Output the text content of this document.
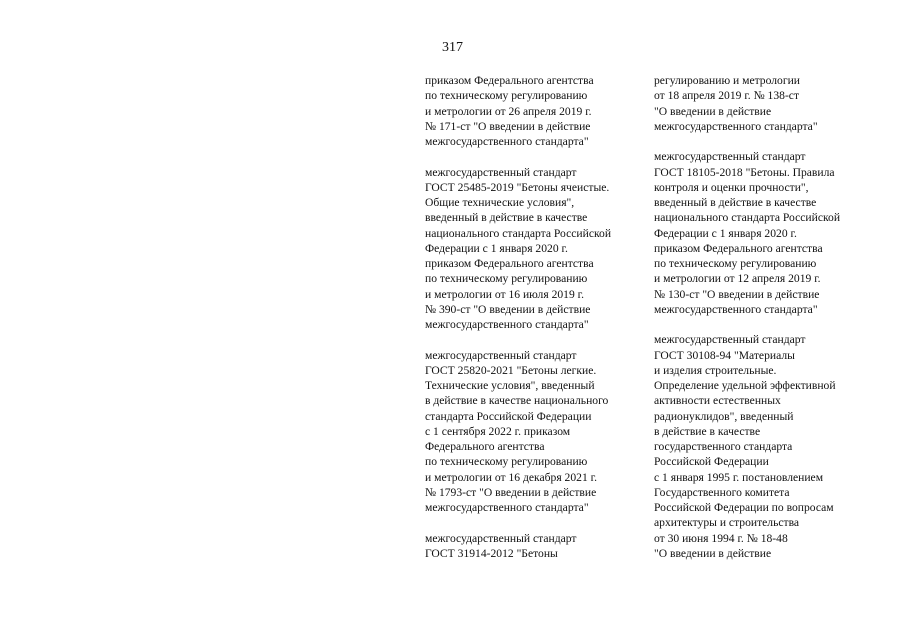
317
приказом Федерального агентства
по техническому регулированию
и метрологии от 26 апреля 2019 г.
№ 171-ст "О введении в действие
межгосударственного стандарта"
межгосударственный стандарт
ГОСТ 25485-2019 "Бетоны ячеистые.
Общие технические условия",
введенный в действие в качестве
национального стандарта Российской
Федерации с 1 января 2020 г.
приказом Федерального агентства
по техническому регулированию
и метрологии от 16 июля 2019 г.
№ 390-ст "О введении в действие
межгосударственного стандарта"
межгосударственный стандарт
ГОСТ 25820-2021 "Бетоны легкие.
Технические условия", введенный
в действие в качестве национального
стандарта Российской Федерации
с 1 сентября 2022 г. приказом
Федерального агентства
по техническому регулированию
и метрологии от 16 декабря 2021 г.
№ 1793-ст "О введении в действие
межгосударственного стандарта"
межгосударственный стандарт
ГОСТ 31914-2012 "Бетоны
регулированию и метрологии
от 18 апреля 2019 г. № 138-ст
"О введении в действие
межгосударственного стандарта"
межгосударственный стандарт
ГОСТ 18105-2018 "Бетоны. Правила
контроля и оценки прочности",
введенный в действие в качестве
национального стандарта Российской
Федерации с 1 января 2020 г.
приказом Федерального агентства
по техническому регулированию
и метрологии от 12 апреля 2019 г.
№ 130-ст "О введении в действие
межгосударственного стандарта"
межгосударственный стандарт
ГОСТ 30108-94 "Материалы
и изделия строительные.
Определение удельной эффективной
активности естественных
радионуклидов", введенный
в действие в качестве
государственного стандарта
Российской Федерации
с 1 января 1995 г. постановлением
Государственного комитета
Российской Федерации по вопросам
архитектуры и строительства
от 30 июня 1994 г. № 18-48
"О введении в действие
